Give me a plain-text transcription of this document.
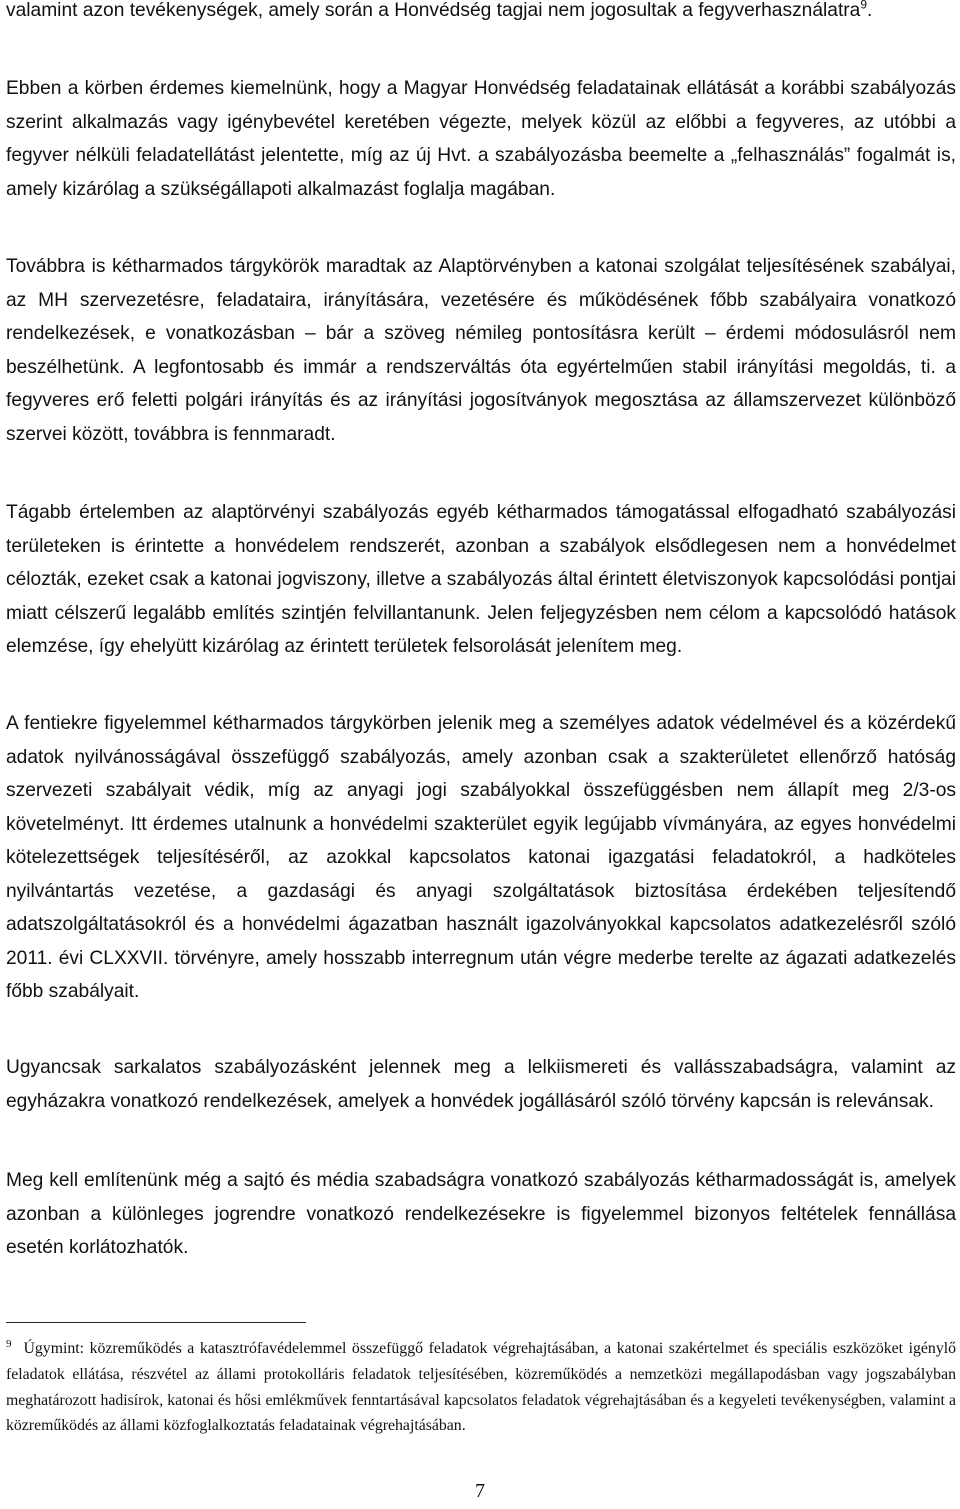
valamint azon tevékenységek, amely során a Honvédség tagjai nem jogosultak a fegyverhasználatra$^9$.

Ebben a körben érdemes kiemelnünk, hogy a Magyar Honvédség feladatainak ellátását a korábbi szabályozás szerint alkalmazás vagy igénybevétel keretében végezte, melyek közül az előbbi a fegyveres, az utóbbi a fegyver nélküli feladatellátást jelentette, míg az új Hvt. a szabályozásba beemelte a „felhasználás” fogalmát is, amely kizárólag a szükségállapoti alkalmazást foglalja magában.

Továbbra is kétharmados tárgykörök maradtak az Alaptörvényben a katonai szolgálat teljesítésének szabályai, az MH szervezetésre, feladataira, irányítására, vezetésére és működésének főbb szabályaira vonatkozó rendelkezések, e vonatkozásban – bár a szöveg némileg pontosításra került – érdemi módosulásról nem beszélhetünk. A legfontosabb és immár a rendszerváltás óta egyértelműen stabil irányítási megoldás, ti. a fegyveres erő feletti polgári irányítás és az irányítási jogosítványok megosztása az államszervezet különböző szervei között, továbbra is fennmaradt.

Tágabb értelemben az alaptörvényi szabályozás egyéb kétharmados támogatással elfogadható szabályozási területeken is érintette a honvédelem rendszerét, azonban a szabályok elsődlegesen nem a honvédelmet célozták, ezeket csak a katonai jogviszony, illetve a szabályozás által érintett életviszonyok kapcsolódási pontjai miatt célszerű legalább említés szintjén felvillantanunk. Jelen feljegyzésben nem célom a kapcsolódó hatások elemzése, így ehelyütt kizárólag az érintett területek felsorolását jelenítem meg.

A fentiekre figyelemmel kétharmados tárgykörben jelenik meg a személyes adatok védelmével és a közérdekű adatok nyilvánosságával összefüggő szabályozás, amely azonban csak a szakterületet ellenőrző hatóság szervezeti szabályait védik, míg az anyagi jogi szabályokkal összefüggésben nem állapít meg 2/3-os követelményt. Itt érdemes utalnunk a honvédelmi szakterület egyik legújabb vívmányára, az egyes honvédelmi kötelezettségek teljesítéséről, az azokkal kapcsolatos katonai igazgatási feladatokról, a hadköteles nyilvántartás vezetése, a gazdasági és anyagi szolgáltatások biztosítása érdekében teljesítendő adatszolgáltatásokról és a honvédelmi ágazatban használt igazolványokkal kapcsolatos adatkezelésről szóló 2011. évi CLXXVII. törvényre, amely hosszabb interregnum után végre mederbe terelte az ágazati adatkezelés főbb szabályait.

Ugyancsak sarkalatos szabályozásként jelennek meg a lelkiismereti és vallásszabadságra, valamint az egyházakra vonatkozó rendelkezések, amelyek a honvédek jogállásáról szóló törvény kapcsán is relevánsak.

Meg kell említenünk még a sajtó és média szabadságra vonatkozó szabályozás kétharmadosságát is, amelyek azonban a különleges jogrendre vonatkozó rendelkezésekre is figyelemmel bizonyos feltételek fennállása esetén korlátozhatók.

$^9$ Úgymint: közreműködés a katasztrófavédelemmel összefüggő feladatok végrehajtásában, a katonai szakértelmet és speciális eszközöket igénylő feladatok ellátása, részvétel az állami protokolláris feladatok teljesítésében, közreműködés a nemzetközi megállapodásban vagy jogszabályban meghatározott hadisírok, katonai és hősi emlékművek fenntartásával kapcsolatos feladatok végrehajtásában és a kegyeleti tevékenységben, valamint a közreműködés az állami közfoglalkoztatás feladatainak végrehajtásában.

7
